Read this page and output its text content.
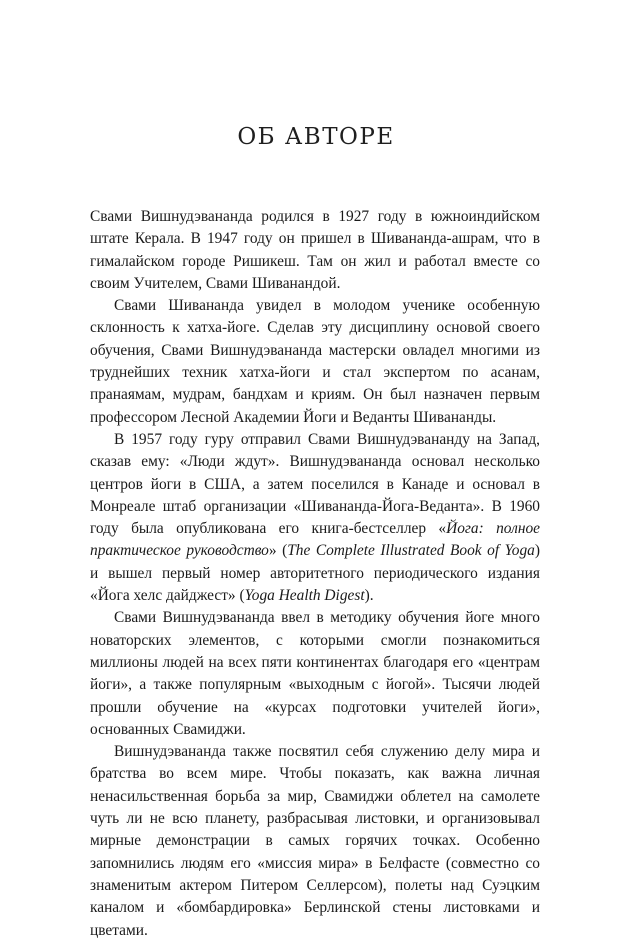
ОБ АВТОРЕ

Свами Вишнудэвананда родился в 1927 году в южноиндийском штате Керала. В 1947 году он пришел в Шивананда-ашрам, что в гималайском городе Ришикеш. Там он жил и работал вместе со своим Учителем, Свами Шиванандой.

Свами Шивананда увидел в молодом ученике особенную склонность к хатха-йоге. Сделав эту дисциплину основой своего обучения, Свами Вишнудэвананда мастерски овладел многими из труднейших техник хатха-йоги и стал экспертом по асанам, пранаямам, мудрам, бандхам и криям. Он был назначен первым профессором Лесной Академии Йоги и Веданты Шивананды.

В 1957 году гуру отправил Свами Вишнудэвананду на Запад, сказав ему: «Люди ждут». Вишнудэвананда основал несколько центров йоги в США, а затем поселился в Канаде и основал в Монреале штаб организации «Шивананда-Йога-Веданта». В 1960 году была опубликована его книга-бестселлер «Йога: полное практическое руководство» (The Complete Illustrated Book of Yoga) и вышел первый номер авторитетного периодического издания «Йога хелс дайджест» (Yoga Health Digest).

Свами Вишнудэвананда ввел в методику обучения йоге много новаторских элементов, с которыми смогли познакомиться миллионы людей на всех пяти континентах благодаря его «центрам йоги», а также популярным «выходным с йогой». Тысячи людей прошли обучение на «курсах подготовки учителей йоги», основанных Свамиджи.

Вишнудэвананда также посвятил себя служению делу мира и братства во всем мире. Чтобы показать, как важна личная ненасильственная борьба за мир, Свамиджи облетел на самолете чуть ли не всю планету, разбрасывая листовки, и организовывал мирные демонстрации в самых горячих точках. Особенно запомнились людям его «миссия мира» в Белфасте (совместно со знаменитым актером Питером Селлерсом), полеты над Суэцким каналом и «бомбардировка» Берлинской стены листовками и цветами.
